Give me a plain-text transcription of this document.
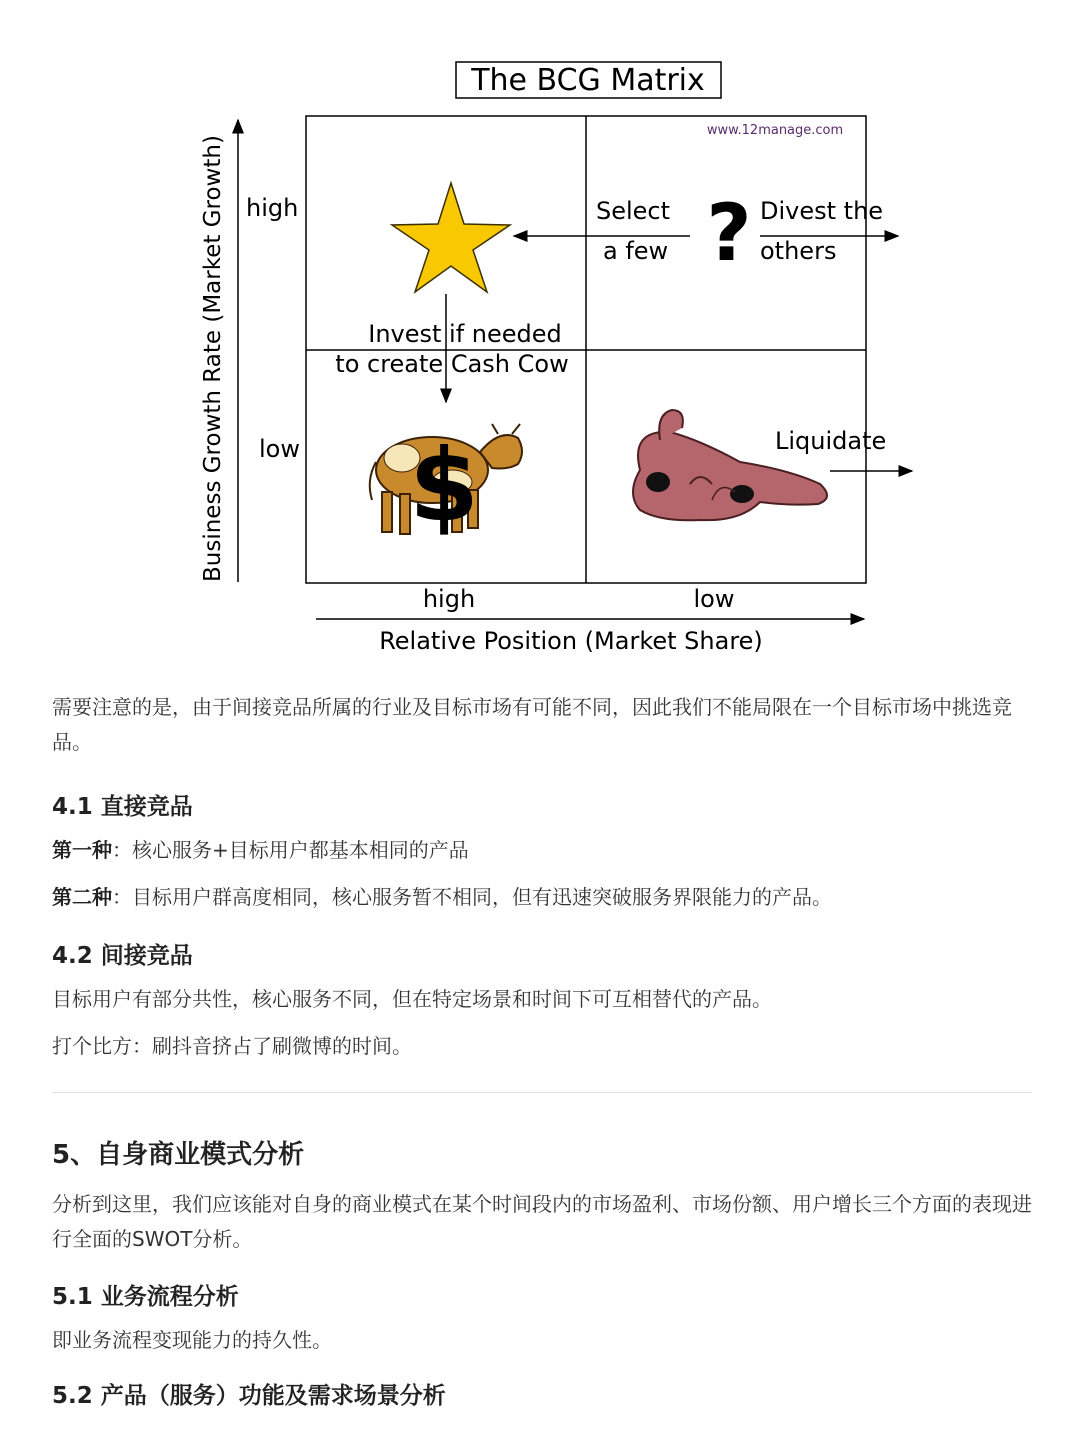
The BCG Matrix
www.12manage.com
Business Growth Rate (Market Growth) high
low
high	low
Relative Position (Market Share)
Select
a few ? Divest the
others
Invest if needed
to create Cash Cow
$	Liquidate

需要注意的是，由于间接竞品所属的行业及目标市场有可能不同，因此我们不能局限在一个目标市场中挑选竞品。

4.1 直接竞品

第一种：核心服务+目标用户都基本相同的产品

第二种：目标用户群高度相同，核心服务暂不相同，但有迅速突破服务界限能力的产品。

4.2 间接竞品

目标用户有部分共性，核心服务不同，但在特定场景和时间下可互相替代的产品。

打个比方：刷抖音挤占了刷微博的时间。

5、自身商业模式分析

分析到这里，我们应该能对自身的商业模式在某个时间段内的市场盈利、市场份额、用户增长三个方面的表现进行全面的SWOT分析。

5.1 业务流程分析

即业务流程变现能力的持久性。

5.2 产品（服务）功能及需求场景分析
